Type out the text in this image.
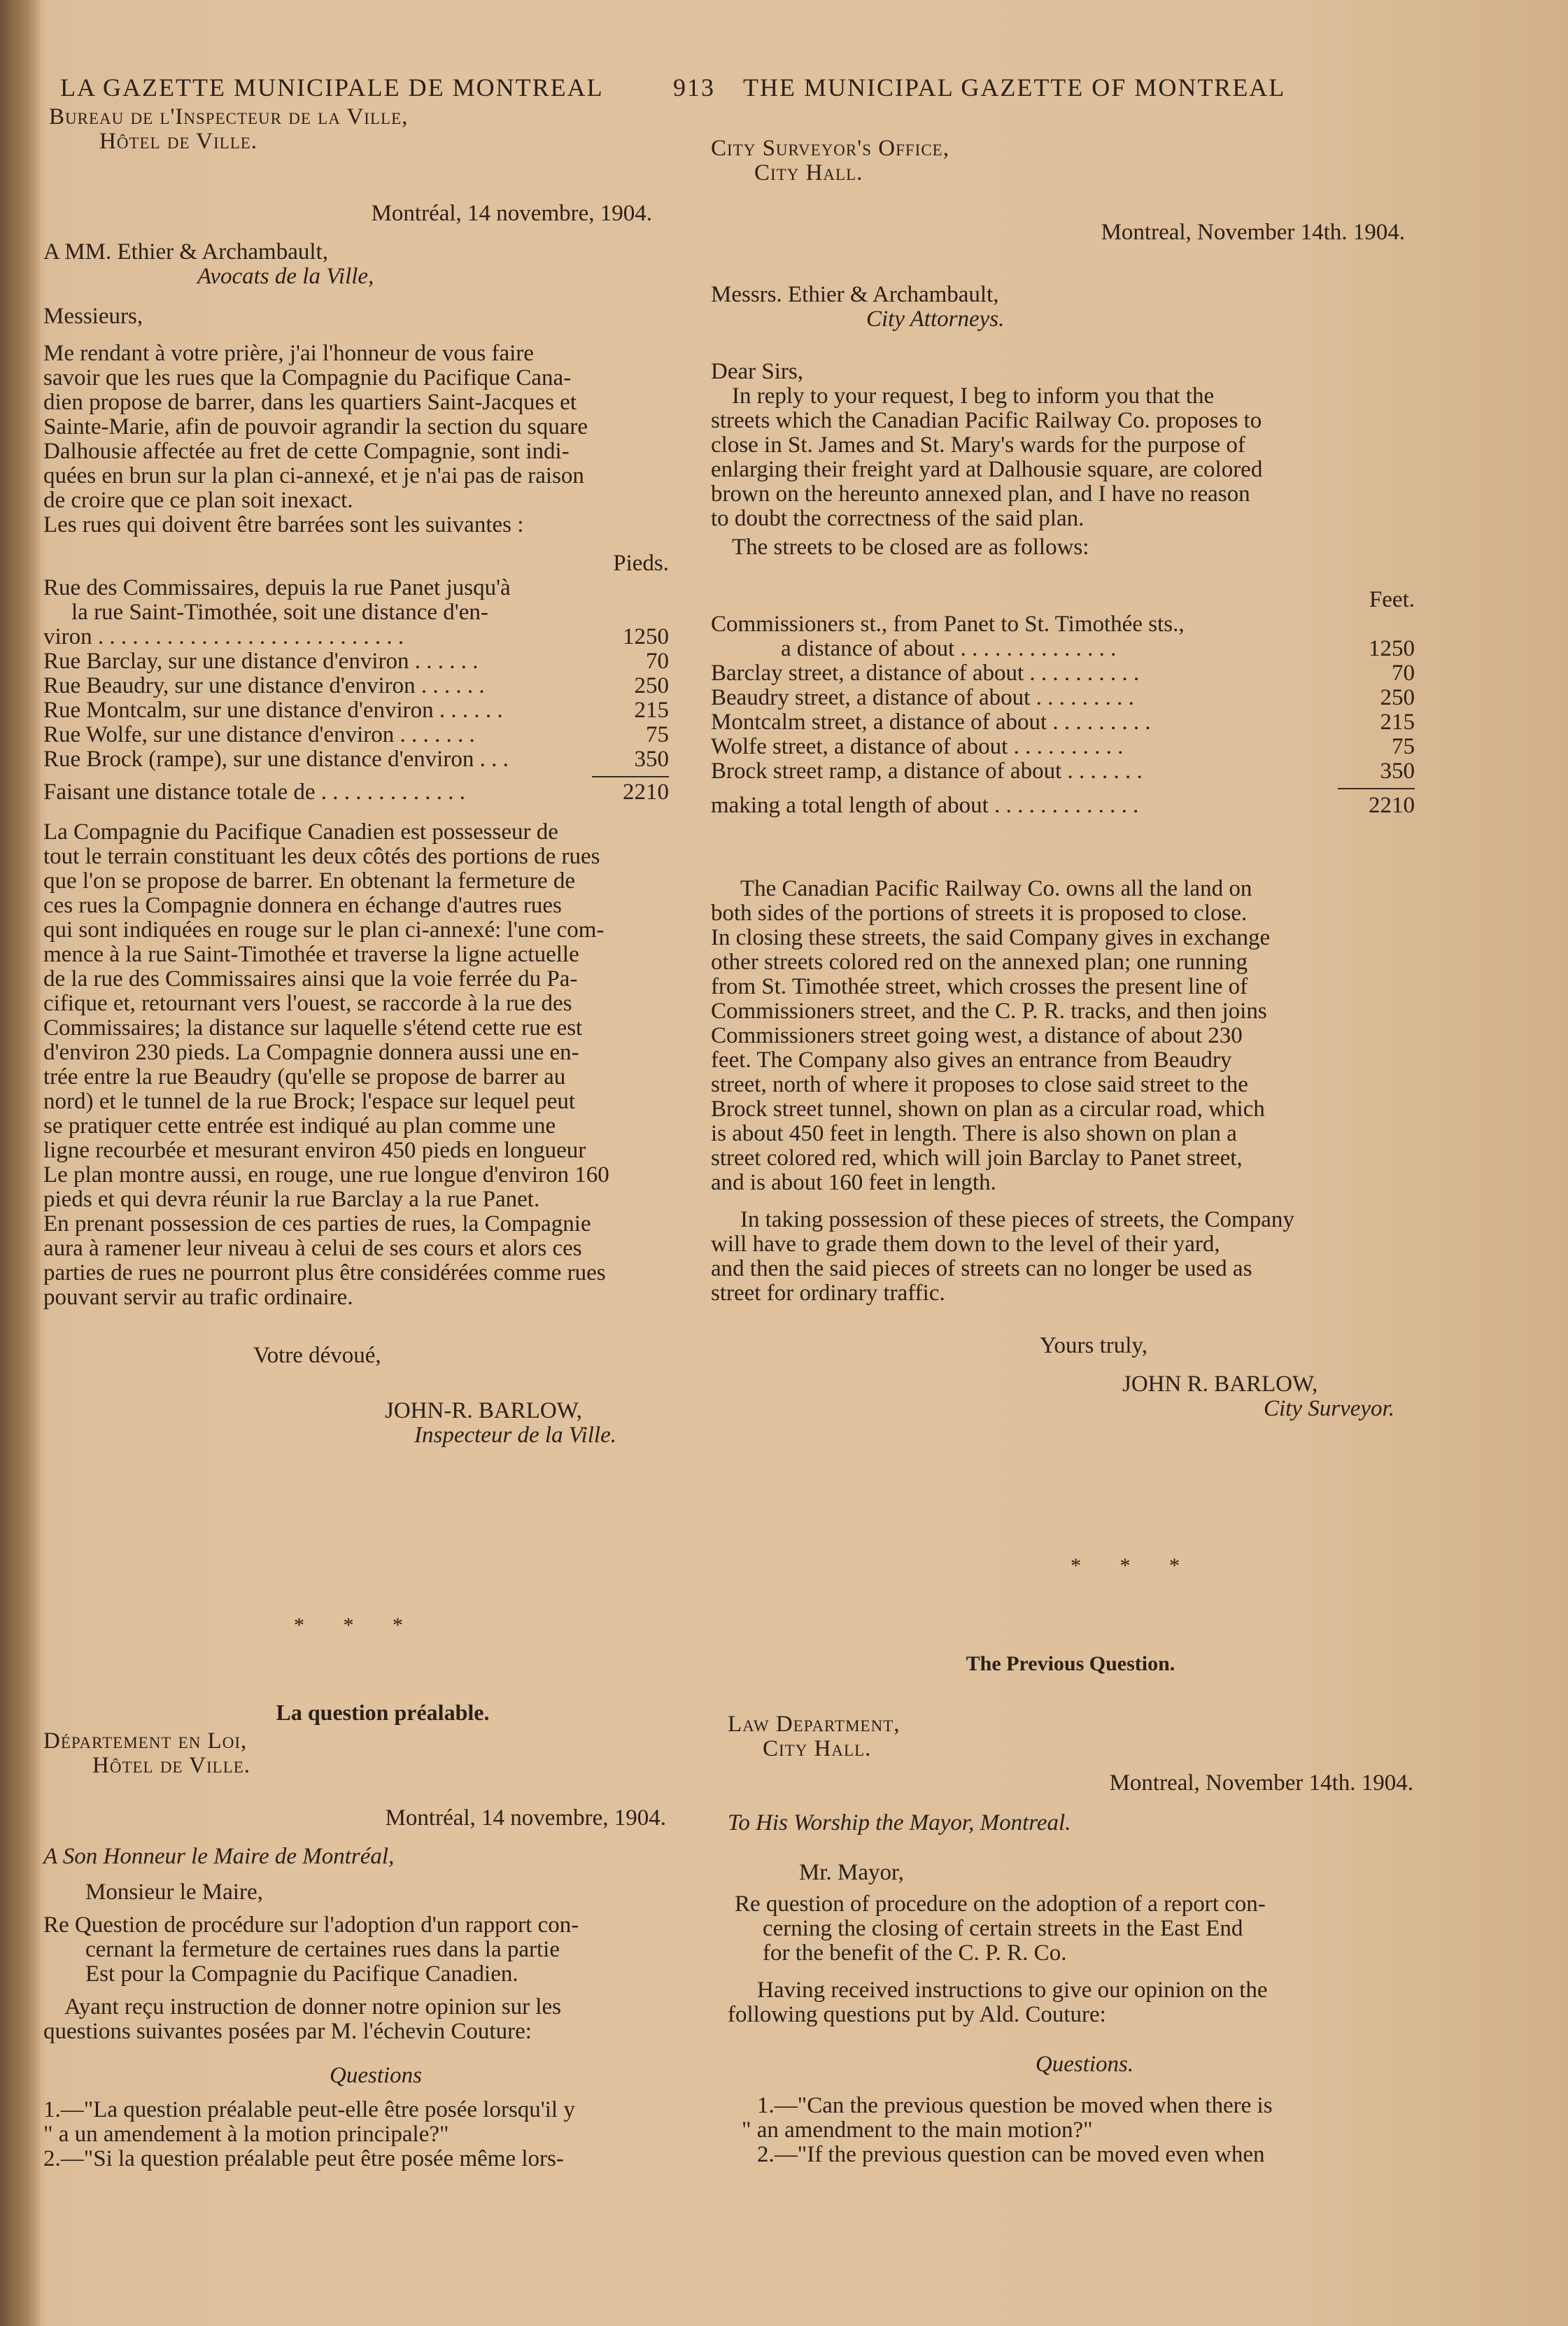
LA GAZETTE MUNICIPALE DE MONTREAL	913 THE MUNICIPAL GAZETTE OF MONTREAL
Bureau de l'Inspecteur de la Ville,
Hôtel de Ville.
Montréal, 14 novembre, 1904.
A MM. Ethier & Archambault,
Avocats de la Ville,
Messieurs,
Me rendant à votre prière, j'ai l'honneur de vous faire
savoir que les rues que la Compagnie du Pacifique Cana-
dien propose de barrer, dans les quartiers Saint-Jacques et
Sainte-Marie, afin de pouvoir agrandir la section du square
Dalhousie affectée au fret de cette Compagnie, sont indi-
quées en brun sur la plan ci-annexé, et je n'ai pas de raison
de croire que ce plan soit inexact.
Les rues qui doivent être barrées sont les suivantes :
Pieds.
Rue des Commissaires, depuis la rue Panet jusqu'à
la rue Saint-Timothée, soit une distance d'en-
viron . . . . . . . . . . . . . . . . . . . . . . . . . . .	1250
Rue Barclay, sur une distance d'environ . . . . . .	70
Rue Beaudry, sur une distance d'environ . . . . . .	250
Rue Montcalm, sur une distance d'environ . . . . . .	215
Rue Wolfe, sur une distance d'environ . . . . . . .	75
Rue Brock (rampe), sur une distance d'environ . . .	350
Faisant une distance totale de . . . . . . . . . . . . .	2210
La Compagnie du Pacifique Canadien est possesseur de
tout le terrain constituant les deux côtés des portions de rues
que l'on se propose de barrer. En obtenant la fermeture de
ces rues la Compagnie donnera en échange d'autres rues
qui sont indiquées en rouge sur le plan ci-annexé: l'une com-
mence à la rue Saint-Timothée et traverse la ligne actuelle
de la rue des Commissaires ainsi que la voie ferrée du Pa-
cifique et, retournant vers l'ouest, se raccorde à la rue des
Commissaires; la distance sur laquelle s'étend cette rue est
d'environ 230 pieds. La Compagnie donnera aussi une en-
trée entre la rue Beaudry (qu'elle se propose de barrer au
nord) et le tunnel de la rue Brock; l'espace sur lequel peut
se pratiquer cette entrée est indiqué au plan comme une
ligne recourbée et mesurant environ 450 pieds en longueur
Le plan montre aussi, en rouge, une rue longue d'environ 160
pieds et qui devra réunir la rue Barclay a la rue Panet.
En prenant possession de ces parties de rues, la Compagnie
aura à ramener leur niveau à celui de ses cours et alors ces
parties de rues ne pourront plus être considérées comme rues
pouvant servir au trafic ordinaire.
Votre dévoué,
JOHN-R. BARLOW,
Inspecteur de la Ville.
City Surveyor's Office,
City Hall.
Montreal, November 14th. 1904.
Messrs. Ethier & Archambault,
City Attorneys.
Dear Sirs,
In reply to your request, I beg to inform you that the
streets which the Canadian Pacific Railway Co. proposes to
close in St. James and St. Mary's wards for the purpose of
enlarging their freight yard at Dalhousie square, are colored
brown on the hereunto annexed plan, and I have no reason
to doubt the correctness of the said plan.
The streets to be closed are as follows:
Feet.
Commissioners st., from Panet to St. Timothée sts.,
a distance of about . . . . . . . . . . . . . .	1250
Barclay street, a distance of about . . . . . . . . . .	70
Beaudry street, a distance of about . . . . . . . . .	250
Montcalm street, a distance of about . . . . . . . . .	215
Wolfe street, a distance of about . . . . . . . . . .	75
Brock street ramp, a distance of about . . . . . . .	350
making a total length of about . . . . . . . . . . . . .	2210
The Canadian Pacific Railway Co. owns all the land on
both sides of the portions of streets it is proposed to close.
In closing these streets, the said Company gives in exchange
other streets colored red on the annexed plan; one running
from St. Timothée street, which crosses the present line of
Commissioners street, and the C. P. R. tracks, and then joins
Commissioners street going west, a distance of about 230
feet. The Company also gives an entrance from Beaudry
street, north of where it proposes to close said street to the
Brock street tunnel, shown on plan as a circular road, which
is about 450 feet in length. There is also shown on plan a
street colored red, which will join Barclay to Panet street,
and is about 160 feet in length.
In taking possession of these pieces of streets, the Company
will have to grade them down to the level of their yard,
and then the said pieces of streets can no longer be used as
street for ordinary traffic.
Yours truly,
JOHN R. BARLOW,
City Surveyor.
* * *
* * *
La question préalable.
Département en Loi,
Hôtel de Ville.
Montréal, 14 novembre, 1904.
A Son Honneur le Maire de Montréal,
Monsieur le Maire,
Re Question de procédure sur l'adoption d'un rapport con-
cernant la fermeture de certaines rues dans la partie
Est pour la Compagnie du Pacifique Canadien.
Ayant reçu instruction de donner notre opinion sur les
questions suivantes posées par M. l'échevin Couture:
Questions
1.—"La question préalable peut-elle être posée lorsqu'il y
" a un amendement à la motion principale?"
2.—"Si la question préalable peut être posée même lors-
The Previous Question.
Law Department,
City Hall.
Montreal, November 14th. 1904.
To His Worship the Mayor, Montreal.
Mr. Mayor,
Re question of procedure on the adoption of a report con-
cerning the closing of certain streets in the East End
for the benefit of the C. P. R. Co.
Having received instructions to give our opinion on the
following questions put by Ald. Couture:
Questions.
1.—"Can the previous question be moved when there is
" an amendment to the main motion?"
2.—"If the previous question can be moved even when
